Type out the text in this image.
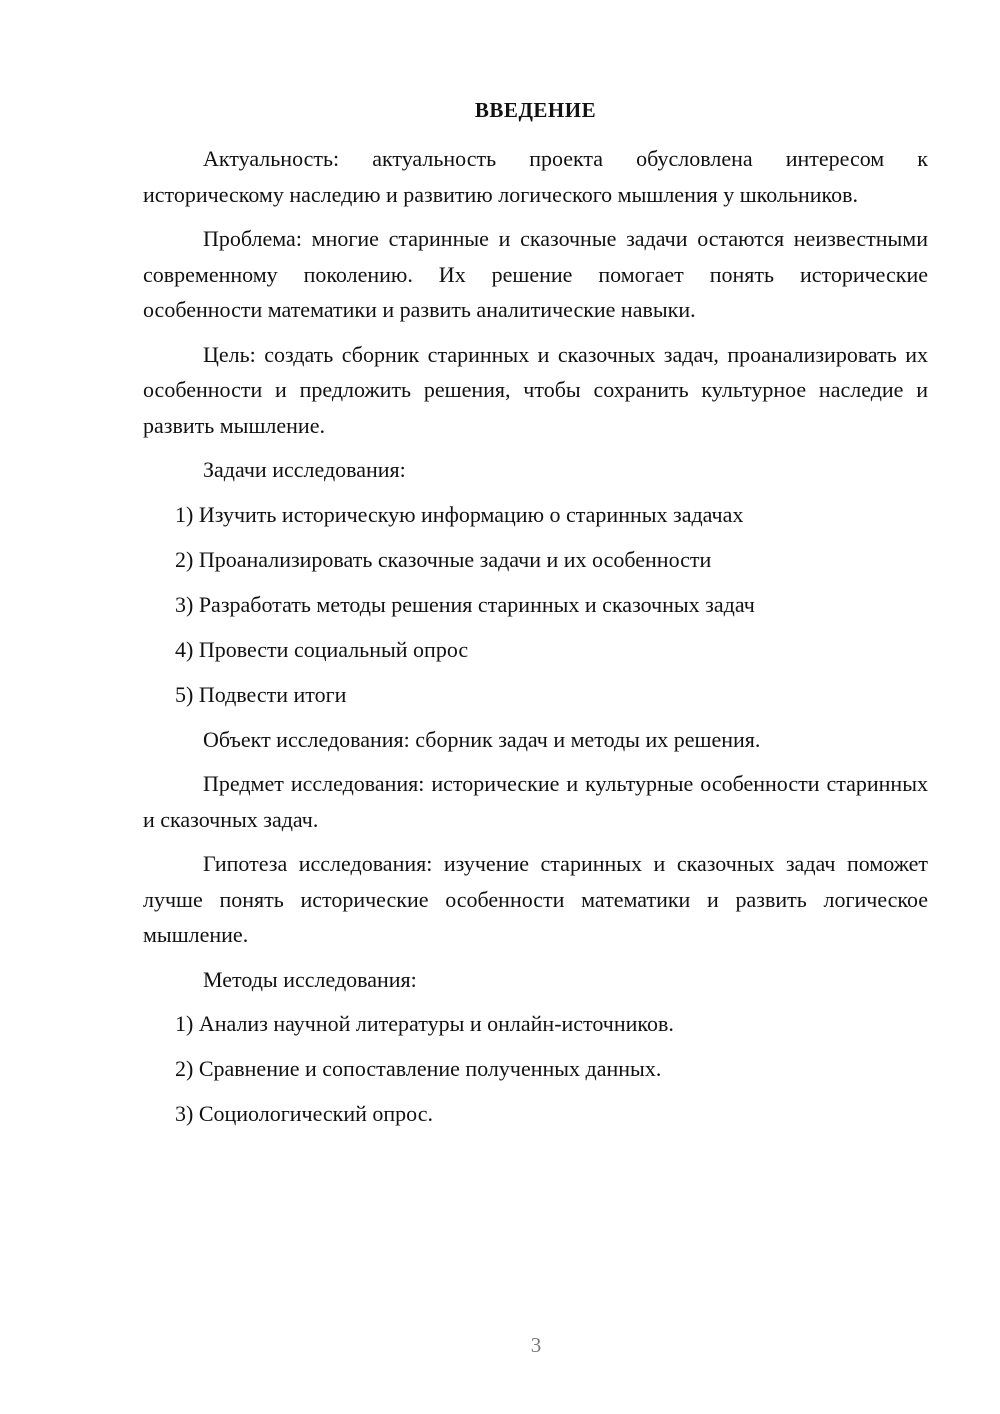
ВВЕДЕНИЕ

Актуальность: актуальность проекта обусловлена интересом к историческому наследию и развитию логического мышления у школьников.

Проблема: многие старинные и сказочные задачи остаются неизвестными современному поколению. Их решение помогает понять исторические особенности математики и развить аналитические навыки.

Цель: создать сборник старинных и сказочных задач, проанализировать их особенности и предложить решения, чтобы сохранить культурное наследие и развить мышление.

Задачи исследования:
1) Изучить историческую информацию о старинных задачах
2) Проанализировать сказочные задачи и их особенности
3) Разработать методы решения старинных и сказочных задач
4) Провести социальный опрос
5) Подвести итоги

Объект исследования: сборник задач и методы их решения.

Предмет исследования: исторические и культурные особенности старинных и сказочных задач.

Гипотеза исследования: изучение старинных и сказочных задач поможет лучше понять исторические особенности математики и развить логическое мышление.

Методы исследования:
1) Анализ научной литературы и онлайн-источников.
2) Сравнение и сопоставление полученных данных.
3) Социологический опрос.
3
